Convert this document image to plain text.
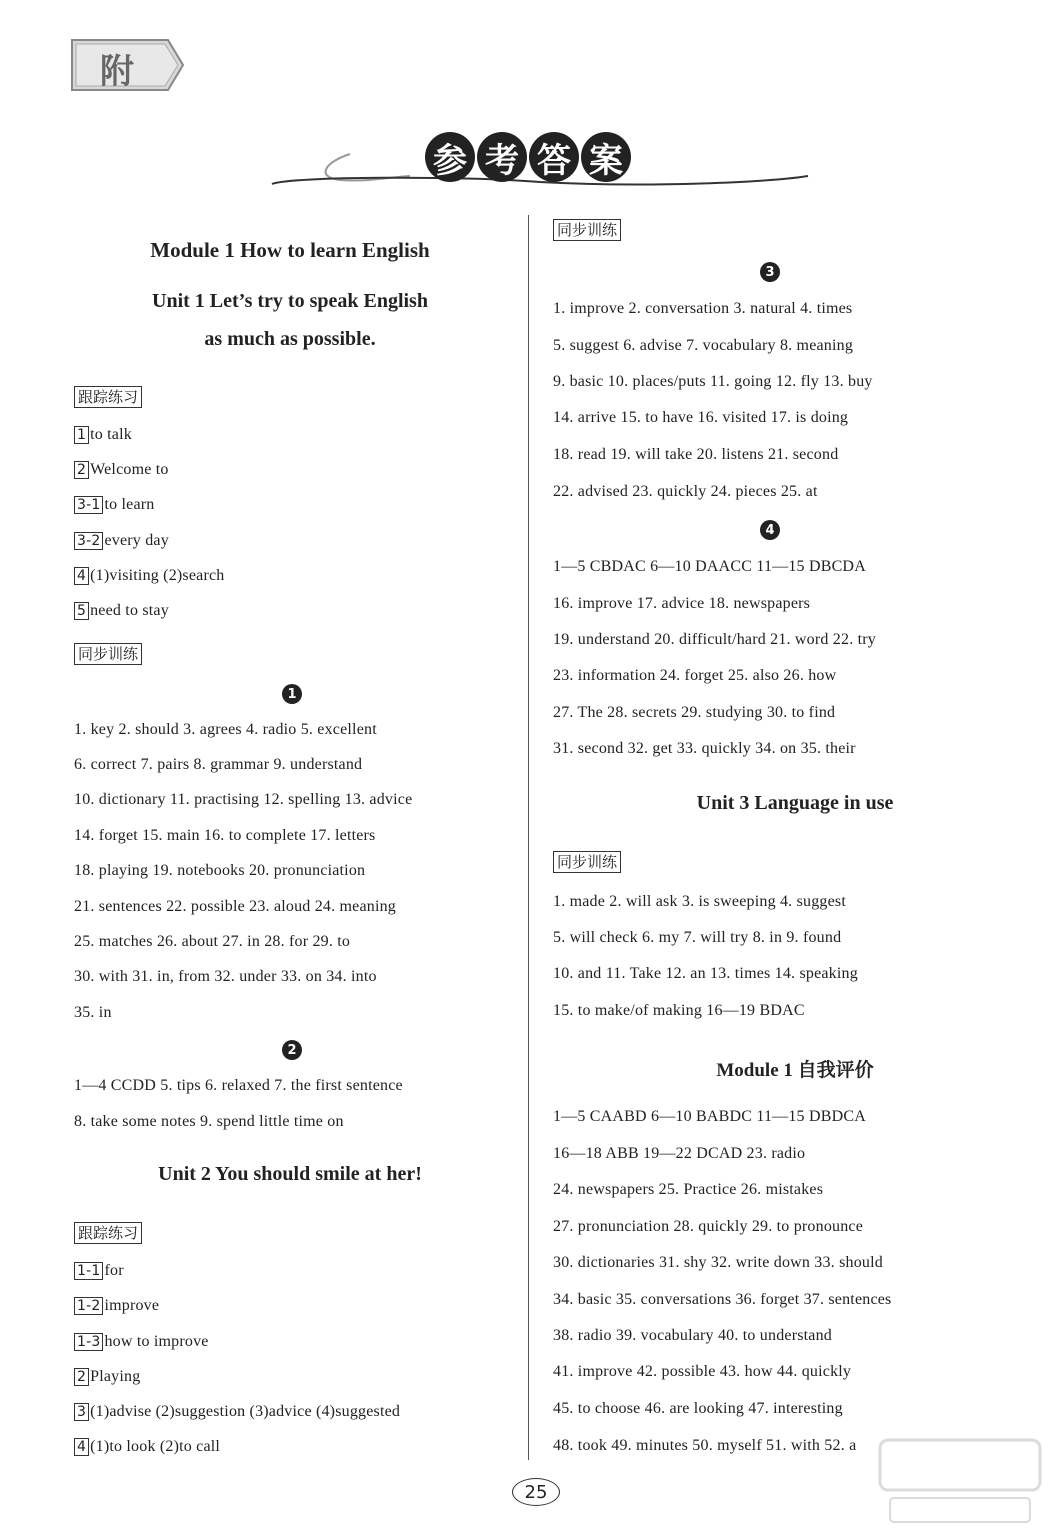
附
参 考 答 案
Module 1 How to learn English
Unit 1 Let’s try to speak English
as much as possible.
跟踪练习
1 to talk
2 Welcome to
3-1 to learn
3-2 every day
4 (1)visiting (2)search
5 need to stay
同步训练
1
1. key 2. should 3. agrees 4. radio 5. excellent
6. correct 7. pairs 8. grammar 9. understand
10. dictionary 11. practising 12. spelling 13. advice
14. forget 15. main 16. to complete 17. letters
18. playing 19. notebooks 20. pronunciation
21. sentences 22. possible 23. aloud 24. meaning
25. matches 26. about 27. in 28. for 29. to
30. with 31. in, from 32. under 33. on 34. into
35. in
2
1—4 CCDD 5. tips 6. relaxed 7. the first sentence
8. take some notes 9. spend little time on
Unit 2 You should smile at her!
跟踪练习
1-1 for
1-2 improve
1-3 how to improve
2 Playing
3 (1)advise (2)suggestion (3)advice (4)suggested
4 (1)to look (2)to call
同步训练
3
1. improve 2. conversation 3. natural 4. times
5. suggest 6. advise 7. vocabulary 8. meaning
9. basic 10. places/puts 11. going 12. fly 13. buy
14. arrive 15. to have 16. visited 17. is doing
18. read 19. will take 20. listens 21. second
22. advised 23. quickly 24. pieces 25. at
4
1—5 CBDAC 6—10 DAACC 11—15 DBCDA
16. improve 17. advice 18. newspapers
19. understand 20. difficult/hard 21. word 22. try
23. information 24. forget 25. also 26. how
27. The 28. secrets 29. studying 30. to find
31. second 32. get 33. quickly 34. on 35. their
Unit 3 Language in use
同步训练
1. made 2. will ask 3. is sweeping 4. suggest
5. will check 6. my 7. will try 8. in 9. found
10. and 11. Take 12. an 13. times 14. speaking
15. to make/of making 16—19 BDAC
Module 1 自我评价
1—5 CAABD 6—10 BABDC 11—15 DBDCA
16—18 ABB 19—22 DCAD 23. radio
24. newspapers 25. Practice 26. mistakes
27. pronunciation 28. quickly 29. to pronounce
30. dictionaries 31. shy 32. write down 33. should
34. basic 35. conversations 36. forget 37. sentences
38. radio 39. vocabulary 40. to understand
41. improve 42. possible 43. how 44. quickly
45. to choose 46. are looking 47. interesting
48. took 49. minutes 50. myself 51. with 52. a
25
